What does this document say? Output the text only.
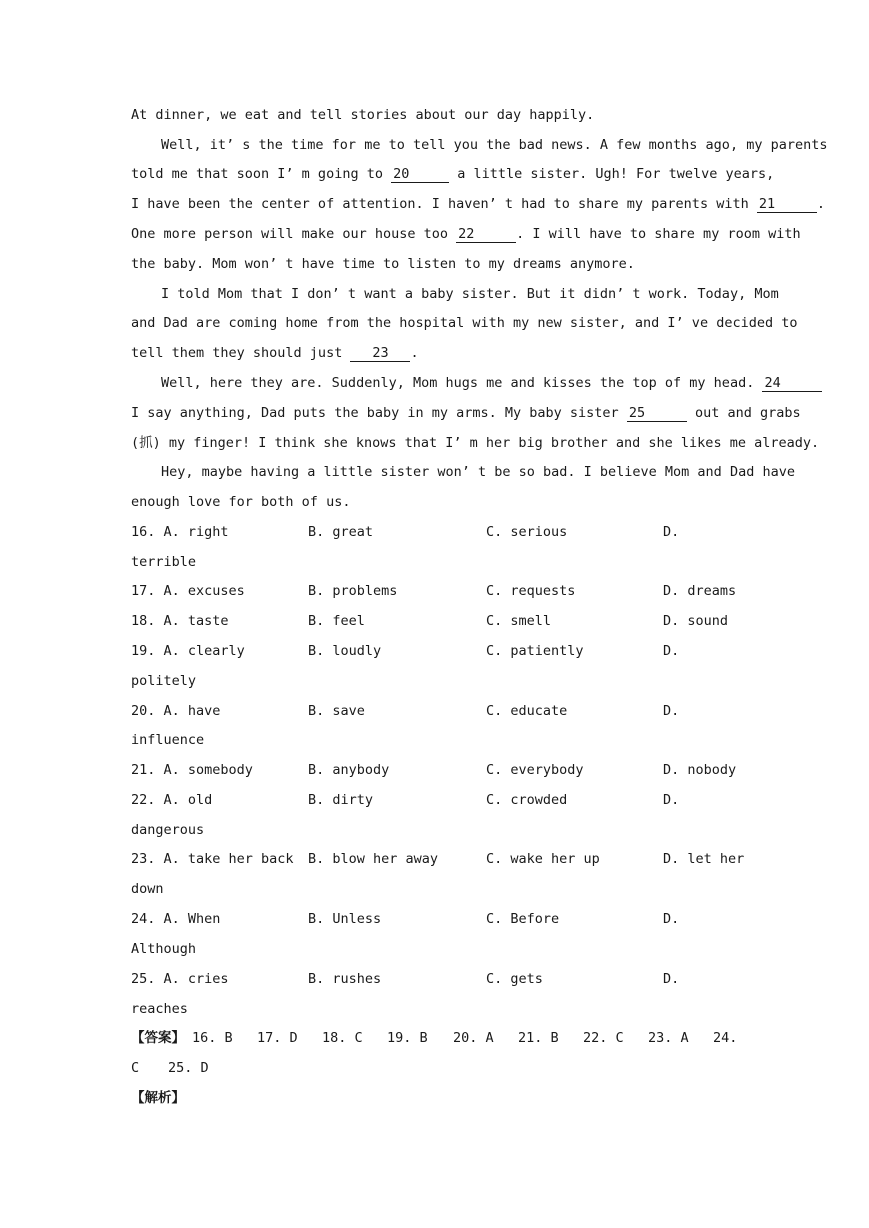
At dinner, we eat and tell stories about our day happily.
Well, it’ s the time for me to tell you the bad news. A few months ago, my parents
told me that soon I’ m going to 20	a little sister. Ugh! For twelve years,
I have been the center of attention. I haven’ t had to share my parents with 21	.
One more person will make our house too 22	. I will have to share my room with
the baby. Mom won’ t have time to listen to my dreams anymore.
I told Mom that I don’ t want a baby sister. But it didn’ t work. Today, Mom
and Dad are coming home from the hospital with my new sister, and I’ ve decided to
tell them they should just 23 .
Well, here they are. Suddenly, Mom hugs me and kisses the top of my head. 24
I say anything, Dad puts the baby in my arms. My baby sister 25	out and grabs
(抓) my finger! I think she knows that I’ m her big brother and she likes me already.
Hey, maybe having a little sister won’ t be so bad. I believe Mom and Dad have
enough love for both of us.
16. A. right	B. great	C. serious	D.
terrible
17. A. excuses	B. problems	C. requests	D. dreams
18. A. taste	B. feel	C. smell	D. sound
19. A. clearly	B. loudly	C. patiently	D.
politely
20. A. have	B. save	C. educate	D.
influence
21. A. somebody	B. anybody	C. everybody	D. nobody
22. A. old	B. dirty	C. crowded	D.
dangerous
23. A. take her back B. blow her away	C. wake her up	D. let her
down
24. A. When	B. Unless	C. Before	D.
Although
25. A. cries	B. rushes	C. gets	D.
reaches
【答案】 16. B 17. D 18. C 19. B 20. A 21. B 22. C 23. A 24.
C 25. D
【解析】
